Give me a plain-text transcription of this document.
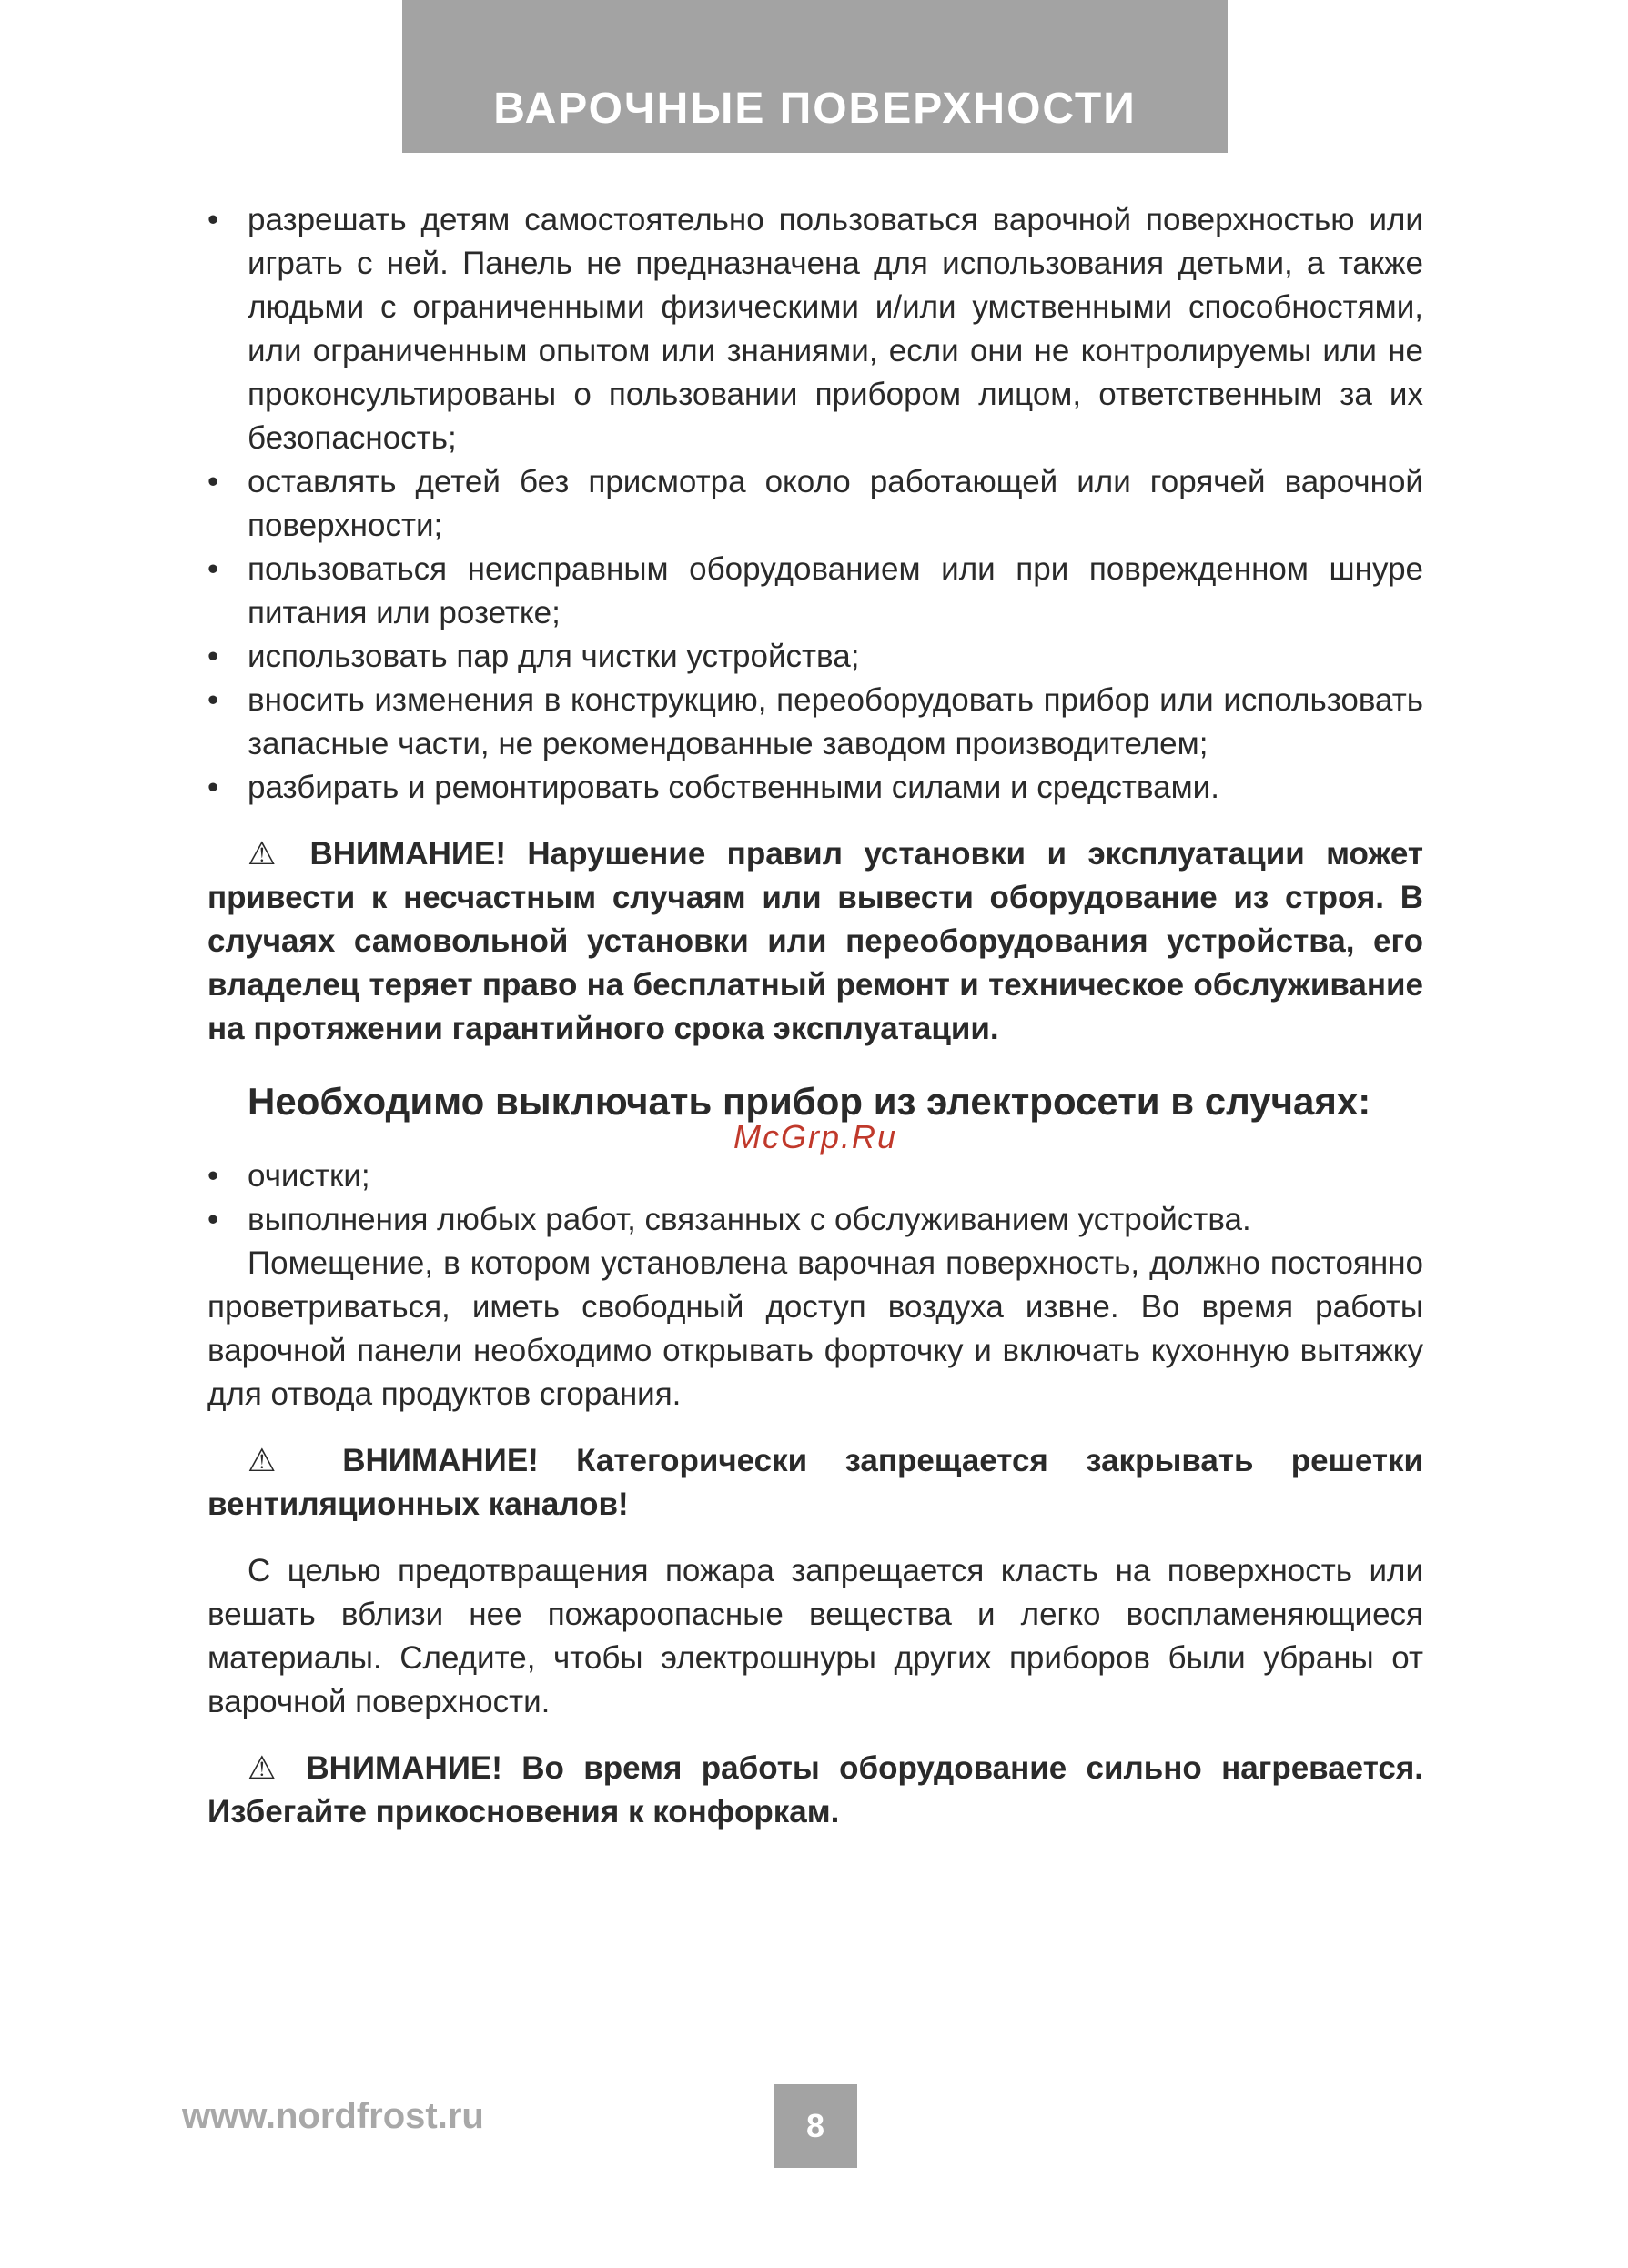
ВАРОЧНЫЕ ПОВЕРХНОСТИ
• разрешать детям самостоятельно пользоваться варочной поверхностью или играть с ней. Панель не предназначена для использования детьми, а также людьми с ограниченными физическими и/или умственными способностями, или ограниченным опытом или знаниями, если они не контролируемы или не проконсультированы о пользовании прибором лицом, ответственным за их безопасность;
• оставлять детей без присмотра около работающей или горячей варочной поверхности;
• пользоваться неисправным оборудованием или при поврежденном шнуре питания или розетке;
• использовать пар для чистки устройства;
• вносить изменения в конструкцию, переоборудовать прибор или использовать запасные части, не рекомендованные заводом производителем;
• разбирать и ремонтировать собственными силами и средствами.
⚠ ВНИМАНИЕ! Нарушение правил установки и эксплуатации может привести к несчастным случаям или вывести оборудование из строя. В случаях самовольной установки или переоборудования устройства, его владелец теряет право на бесплатный ремонт и техническое обслуживание на протяжении гарантийного срока эксплуатации.
Необходимо выключать прибор из электросети в случаях:
McGrp.Ru
• очистки;
• выполнения любых работ, связанных с обслуживанием устройства.
Помещение, в котором установлена варочная поверхность, должно постоянно проветриваться, иметь свободный доступ воздуха извне. Во время работы варочной панели необходимо открывать форточку и включать кухонную вытяжку для отвода продуктов сгорания.
⚠ ВНИМАНИЕ! Категорически запрещается закрывать решетки вентиляционных каналов!
С целью предотвращения пожара запрещается класть на поверхность или вешать вблизи нее пожароопасные вещества и легко воспламеняющиеся материалы. Следите, чтобы электрошнуры других приборов были убраны от варочной поверхности.
⚠ ВНИМАНИЕ! Во время работы оборудование сильно нагревается. Избегайте прикосновения к конфоркам.
www.nordfrost.ru	8
